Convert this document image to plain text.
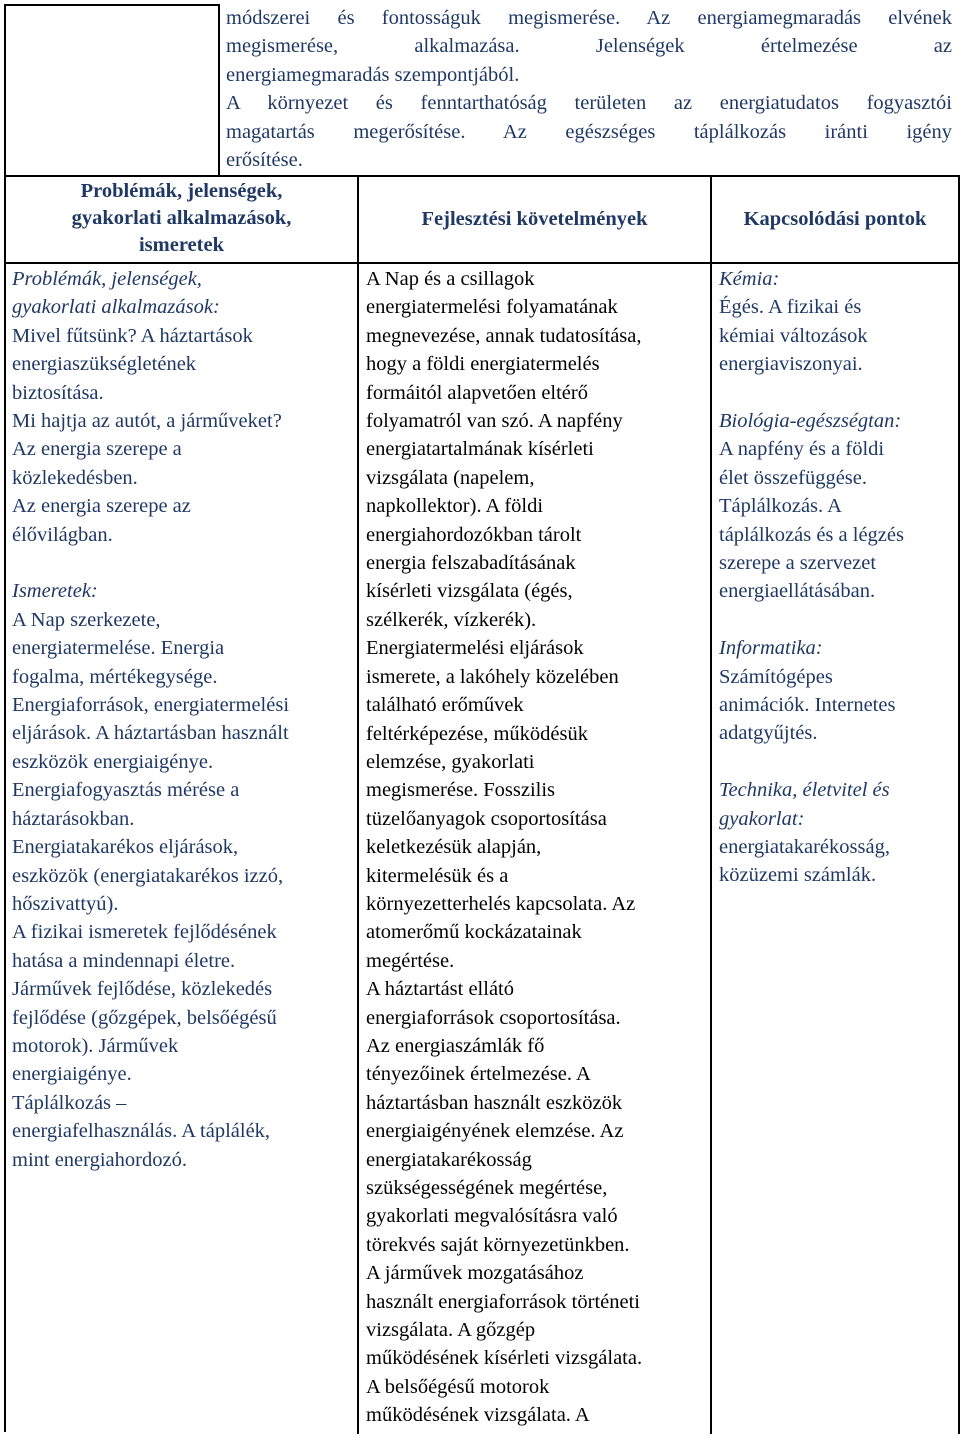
módszerei és fontosságuk megismerése. Az energiamegmaradás elvének
megismerése, alkalmazása. Jelenségek értelmezése az
energiamegmaradás szempontjából.
A környezet és fenntarthatóság területen az energiatudatos fogyasztói
magatartás megerősítése. Az egészséges táplálkozás iránti igény
erősítése.
Problémák, jelenségek,
gyakorlati alkalmazások,
ismeretek
Fejlesztési követelmények	Kapcsolódási pontok
Problémák, jelenségek,
gyakorlati alkalmazások:
Mivel fűtsünk? A háztartások
energiaszükségletének
biztosítása.
Mi hajtja az autót, a járműveket?
Az energia szerepe a
közlekedésben.
Az energia szerepe az
élővilágban.
Ismeretek:
A Nap szerkezete,
energiatermelése. Energia
fogalma, mértékegysége.
Energiaforrások, energiatermelési
eljárások. A háztartásban használt
eszközök energiaigénye.
Energiafogyasztás mérése a
háztarásokban.
Energiatakarékos eljárások,
eszközök (energiatakarékos izzó,
hőszivattyú).
A fizikai ismeretek fejlődésének
hatása a mindennapi életre.
Járművek fejlődése, közlekedés
fejlődése (gőzgépek, belsőégésű
motorok). Járművek
energiaigénye.
Táplálkozás –
energiafelhasználás. A táplálék,
mint energiahordozó.
A Nap és a csillagok
energiatermelési folyamatának
megnevezése, annak tudatosítása,
hogy a földi energiatermelés
formáitól alapvetően eltérő
folyamatról van szó. A napfény
energiatartalmának kísérleti
vizsgálata (napelem,
napkollektor). A földi
energiahordozókban tárolt
energia felszabadításának
kísérleti vizsgálata (égés,
szélkerék, vízkerék).
Energiatermelési eljárások
ismerete, a lakóhely közelében
található erőművek
feltérképezése, működésük
elemzése, gyakorlati
megismerése. Fosszilis
tüzelőanyagok csoportosítása
keletkezésük alapján,
kitermelésük és a
környezetterhelés kapcsolata. Az
atomerőmű kockázatainak
megértése.
A háztartást ellátó
energiaforrások csoportosítása.
Az energiaszámlák fő
tényezőinek értelmezése. A
háztartásban használt eszközök
energiaigényének elemzése. Az
energiatakarékosság
szükségességének megértése,
gyakorlati megvalósításra való
törekvés saját környezetünkben.
A járművek mozgatásához
használt energiaforrások történeti
vizsgálata. A gőzgép
működésének kísérleti vizsgálata.
A belsőégésű motorok
működésének vizsgálata. A
Kémia:
Égés. A fizikai és
kémiai változások
energiaviszonyai.
Biológia-egészségtan:
A napfény és a földi
élet összefüggése.
Táplálkozás. A
táplálkozás és a légzés
szerepe a szervezet
energiaellátásában.
Informatika:
Számítógépes
animációk. Internetes
adatgyűjtés.
Technika, életvitel és
gyakorlat:
energiatakarékosság,
közüzemi számlák.
